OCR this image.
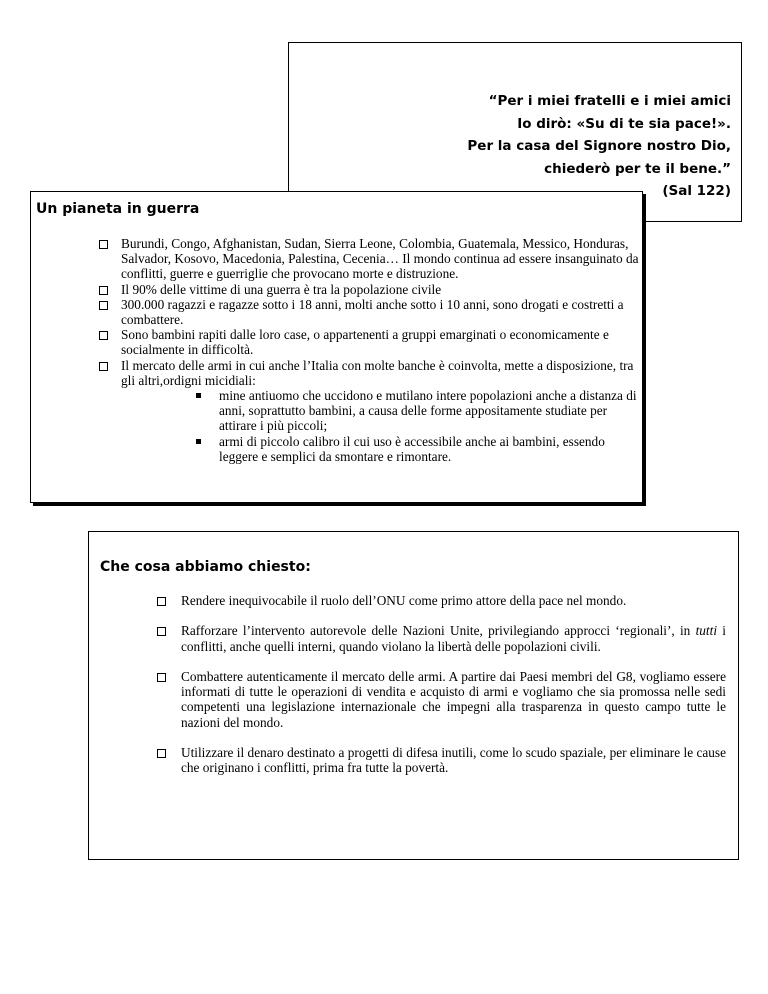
“Per i miei fratelli e i miei amici
Io dirò: «Su di te sia pace!».
Per la casa del Signore nostro Dio,
chiederò per te il bene.”
(Sal 122)
Un pianeta in guerra
Burundi, Congo, Afghanistan, Sudan, Sierra Leone, Colombia, Guatemala, Messico, Honduras, Salvador, Kosovo, Macedonia, Palestina, Cecenia… Il mondo continua ad essere insanguinato da conflitti, guerre e guerriglie che provocano morte e distruzione.
Il 90% delle vittime di una guerra è tra la popolazione civile
300.000 ragazzi e ragazze sotto i 18 anni, molti anche sotto i 10 anni, sono drogati e costretti a combattere.
Sono bambini rapiti dalle loro case, o appartenenti a gruppi emarginati o economicamente e socialmente in difficoltà.
Il mercato delle armi in cui anche l’Italia con molte banche è coinvolta, mette a disposizione, tra gli altri,ordigni micidiali:
mine antiuomo che uccidono e mutilano intere popolazioni anche a distanza di anni, soprattutto bambini, a causa delle forme appositamente studiate per attirare i più piccoli;
armi di piccolo calibro il cui uso è accessibile anche ai bambini, essendo leggere e semplici da smontare e rimontare.
Che cosa abbiamo chiesto:
Rendere inequivocabile il ruolo dell’ONU come primo attore della pace nel mondo.
Rafforzare l’intervento autorevole delle Nazioni Unite, privilegiando approcci ‘regionali’, in tutti i conflitti, anche quelli interni, quando violano la libertà delle popolazioni civili.
Combattere autenticamente il mercato delle armi. A partire dai Paesi membri del G8, vogliamo essere informati di tutte le operazioni di vendita e acquisto di armi e vogliamo che sia promossa nelle sedi competenti una legislazione internazionale che impegni alla trasparenza in questo campo tutte le nazioni del mondo.
Utilizzare il denaro destinato a progetti di difesa inutili, come lo scudo spaziale, per eliminare le cause che originano i conflitti, prima fra tutte la povertà.
